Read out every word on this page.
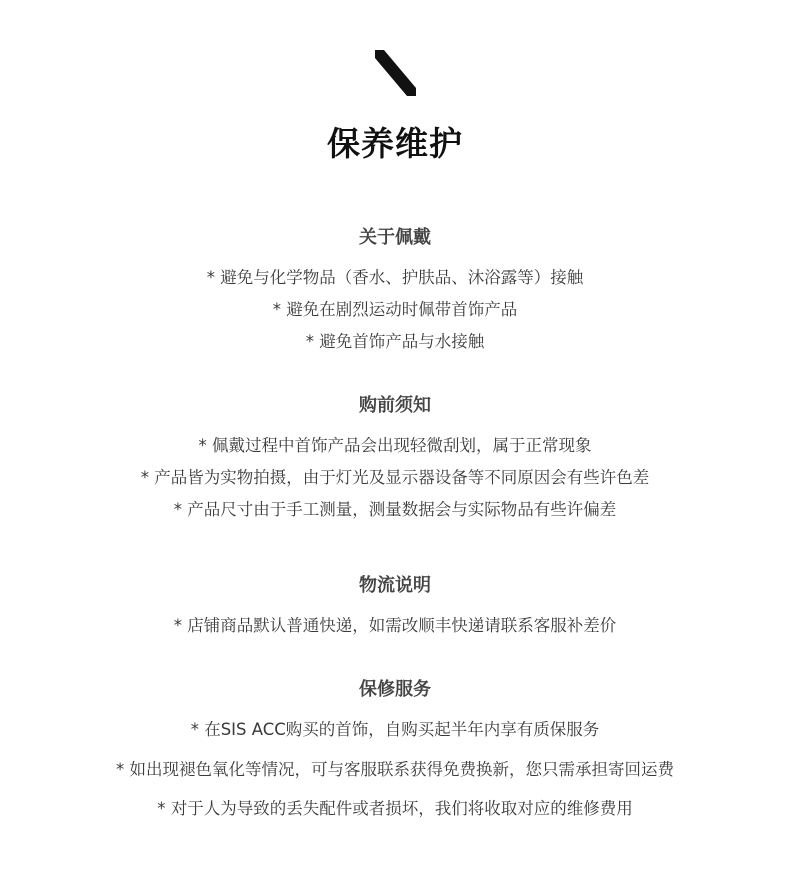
保养维护
关于佩戴
* 避免与化学物品（香水、护肤品、沐浴露等）接触
* 避免在剧烈运动时佩带首饰产品
* 避免首饰产品与水接触
购前须知
* 佩戴过程中首饰产品会出现轻微刮划，属于正常现象
* 产品皆为实物拍摄，由于灯光及显示器设备等不同原因会有些许色差
* 产品尺寸由于手工测量，测量数据会与实际物品有些许偏差
物流说明
* 店铺商品默认普通快递，如需改顺丰快递请联系客服补差价
保修服务
* 在SIS ACC购买的首饰，自购买起半年内享有质保服务
* 如出现褪色氧化等情况，可与客服联系获得免费换新，您只需承担寄回运费
* 对于人为导致的丢失配件或者损坏，我们将收取对应的维修费用
